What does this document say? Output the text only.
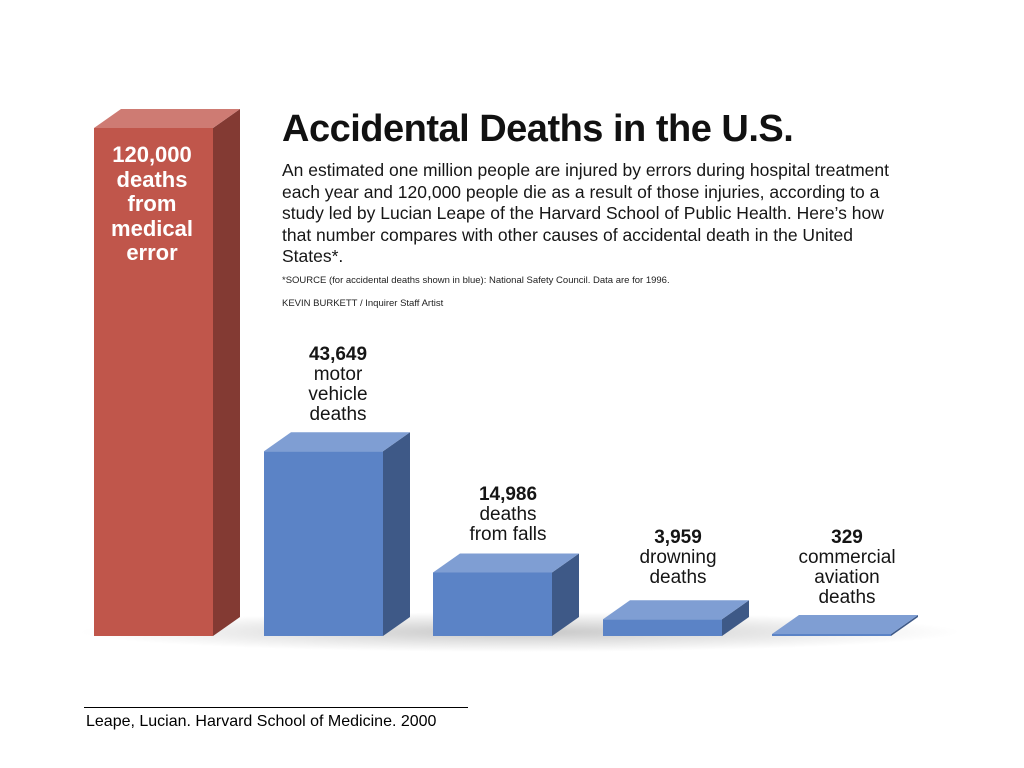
Accidental Deaths in the U.S.
An estimated one million people are injured by errors during hospital treatment each year and 120,000 people die as a result of those injuries, according to a study led by Lucian Leape of the Harvard School of Public Health. Here’s how that number compares with other causes of accidental death in the United States*.
*SOURCE (for accidental deaths shown in blue): National Safety Council. Data are for 1996.
KEVIN BURKETT / Inquirer Staff Artist
120,000
deaths
from
medical
error
43,649
motor
vehicle
deaths
14,986
deaths
from falls	3,959
drowning
deaths
329
commercial
aviation
deaths
Leape, Lucian. Harvard School of Medicine. 2000
